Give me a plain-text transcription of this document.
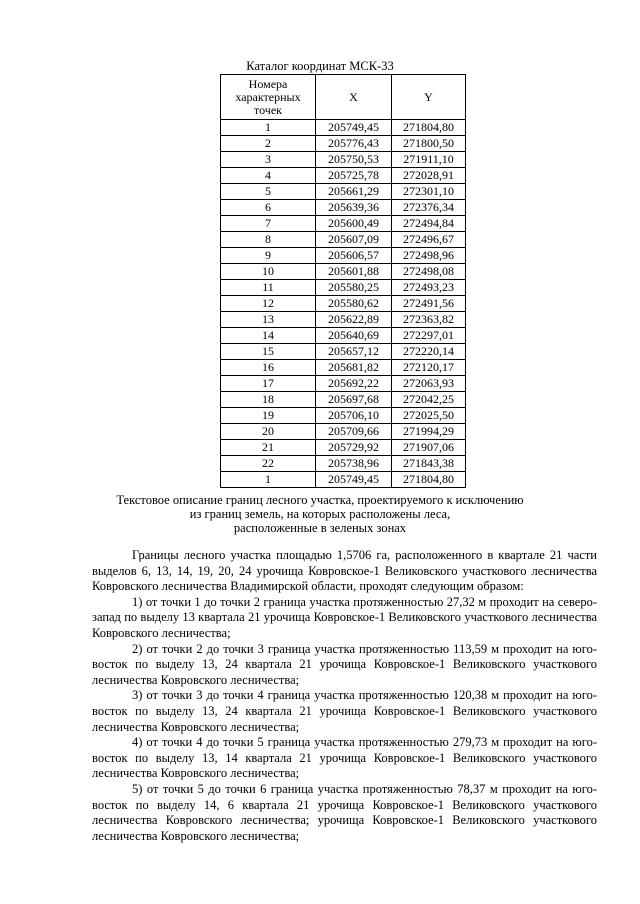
Каталог координат МСК-33
Номера
характерных
точек	X	Y
1	205749,45	271804,80
2	205776,43	271800,50
3	205750,53	271911,10
4	205725,78	272028,91
5	205661,29	272301,10
6	205639,36	272376,34
7	205600,49	272494,84
8	205607,09	272496,67
9	205606,57	272498,96
10	205601,88	272498,08
11	205580,25	272493,23
12	205580,62	272491,56
13	205622,89	272363,82
14	205640,69	272297,01
15	205657,12	272220,14
16	205681,82	272120,17
17	205692,22	272063,93
18	205697,68	272042,25
19	205706,10	272025,50
20	205709,66	271994,29
21	205729,92	271907,06
22	205738,96	271843,38
1	205749,45	271804,80
Текстовое описание границ лесного участка, проектируемого к исключению
из границ земель, на которых расположены леса,
расположенные в зеленых зонах

Границы лесного участка площадью 1,5706 га, расположенного в квартале 21 части выделов 6, 13, 14, 19, 20, 24 урочища Ковровское-1 Великовского участкового лесничества Ковровского лесничества Владимирской области, проходят следующим образом:

1) от точки 1 до точки 2 граница участка протяженностью 27,32 м проходит на северо-запад по выделу 13 квартала 21 урочища Ковровское-1 Великовского участкового лесничества Ковровского лесничества;

2) от точки 2 до точки 3 граница участка протяженностью 113,59 м проходит на юго-восток по выделу 13, 24 квартала 21 урочища Ковровское-1 Великовского участкового лесничества Ковровского лесничества;

3) от точки 3 до точки 4 граница участка протяженностью 120,38 м проходит на юго-восток по выделу 13, 24 квартала 21 урочища Ковровское-1 Великовского участкового лесничества Ковровского лесничества;

4) от точки 4 до точки 5 граница участка протяженностью 279,73 м проходит на юго-восток по выделу 13, 14 квартала 21 урочища Ковровское-1 Великовского участкового лесничества Ковровского лесничества;

5) от точки 5 до точки 6 граница участка протяженностью 78,37 м проходит на юго-восток по выделу 14, 6 квартала 21 урочища Ковровское-1 Великовского участкового лесничества Ковровского лесничества; урочища Ковровское-1 Великовского участкового лесничества Ковровского лесничества;
